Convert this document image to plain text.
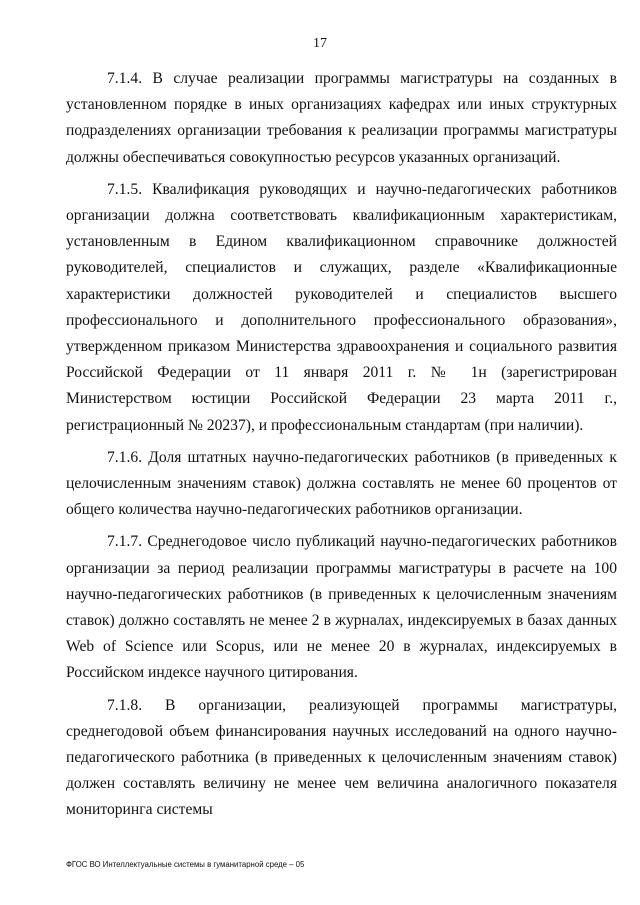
17

7.1.4. В случае реализации программы магистратуры на созданных в установленном порядке в иных организациях кафедрах или иных структурных подразделениях организации требования к реализации программы магистратуры должны обеспечиваться совокупностью ресурсов указанных организаций.

7.1.5. Квалификация руководящих и научно-педагогических работников организации должна соответствовать квалификационным характеристикам, установленным в Едином квалификационном справочнике должностей руководителей, специалистов и служащих, разделе «Квалификационные характеристики должностей руководителей и специалистов высшего профессионального и дополнительного профессионального образования», утвержденном приказом Министерства здравоохранения и социального развития Российской Федерации от 11 января 2011 г. № 1н (зарегистрирован Министерством юстиции Российской Федерации 23 марта 2011 г., регистрационный № 20237), и профессиональным стандартам (при наличии).

7.1.6. Доля штатных научно-педагогических работников (в приведенных к целочисленным значениям ставок) должна составлять не менее 60 процентов от общего количества научно-педагогических работников организации.

7.1.7. Среднегодовое число публикаций научно-педагогических работников организации за период реализации программы магистратуры в расчете на 100 научно-педагогических работников (в приведенных к целочисленным значениям ставок) должно составлять не менее 2 в журналах, индексируемых в базах данных Web of Science или Scopus, или не менее 20 в журналах, индексируемых в Российском индексе научного цитирования.

7.1.8. В организации, реализующей программы магистратуры, среднегодовой объем финансирования научных исследований на одного научно-педагогического работника (в приведенных к целочисленным значениям ставок) должен составлять величину не менее чем величина аналогичного показателя мониторинга системы

ФГОС ВО Интеллектуальные системы в гуманитарной среде – 05
